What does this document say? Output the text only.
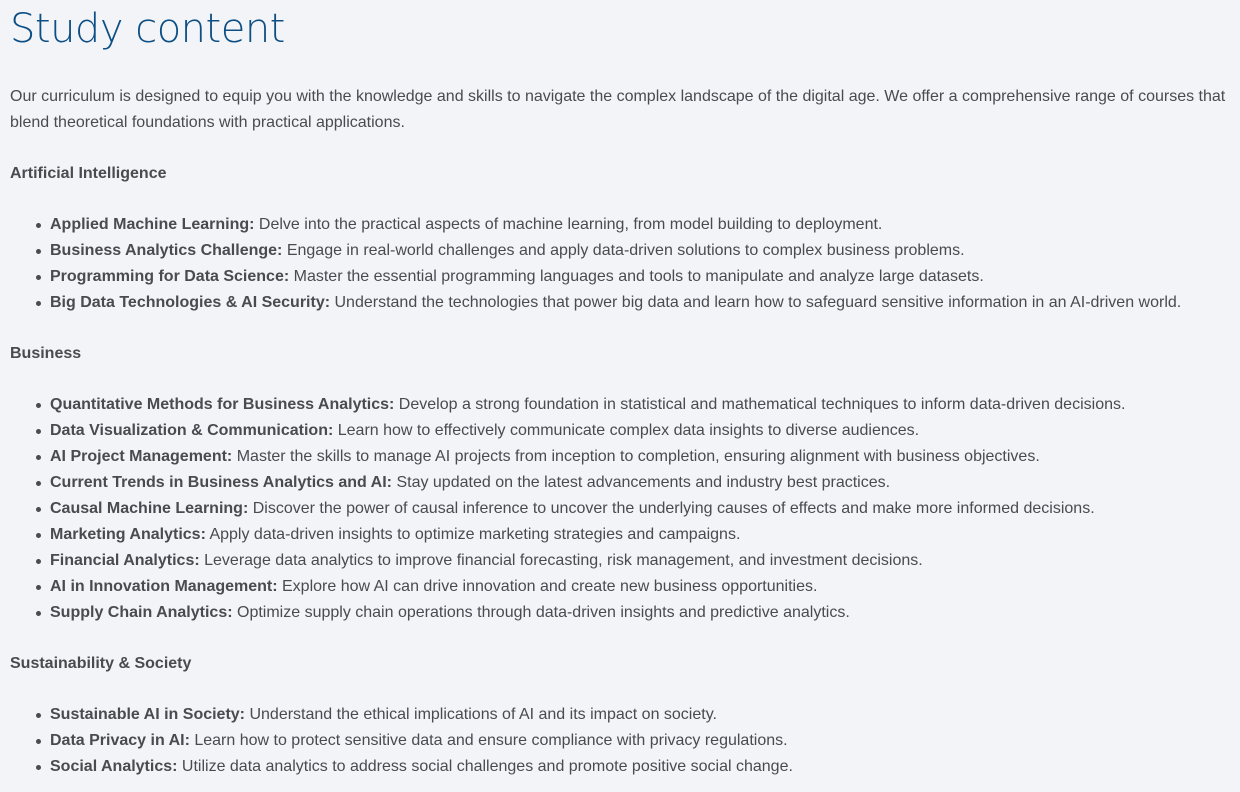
Study content

Our curriculum is designed to equip you with the knowledge and skills to navigate the complex landscape of the digital age. We offer a comprehensive range of courses that blend theoretical foundations with practical applications.

Artificial Intelligence
Applied Machine Learning: Delve into the practical aspects of machine learning, from model building to deployment.
Business Analytics Challenge: Engage in real-world challenges and apply data-driven solutions to complex business problems.
Programming for Data Science: Master the essential programming languages and tools to manipulate and analyze large datasets.
Big Data Technologies & AI Security: Understand the technologies that power big data and learn how to safeguard sensitive information in an AI-driven world.
Business
Quantitative Methods for Business Analytics: Develop a strong foundation in statistical and mathematical techniques to inform data-driven decisions.
Data Visualization & Communication: Learn how to effectively communicate complex data insights to diverse audiences.
AI Project Management: Master the skills to manage AI projects from inception to completion, ensuring alignment with business objectives.
Current Trends in Business Analytics and AI: Stay updated on the latest advancements and industry best practices.
Causal Machine Learning: Discover the power of causal inference to uncover the underlying causes of effects and make more informed decisions.
Marketing Analytics: Apply data-driven insights to optimize marketing strategies and campaigns.
Financial Analytics: Leverage data analytics to improve financial forecasting, risk management, and investment decisions.
AI in Innovation Management: Explore how AI can drive innovation and create new business opportunities.
Supply Chain Analytics: Optimize supply chain operations through data-driven insights and predictive analytics.
Sustainability & Society
Sustainable AI in Society: Understand the ethical implications of AI and its impact on society.
Data Privacy in AI: Learn how to protect sensitive data and ensure compliance with privacy regulations.
Social Analytics: Utilize data analytics to address social challenges and promote positive social change.
